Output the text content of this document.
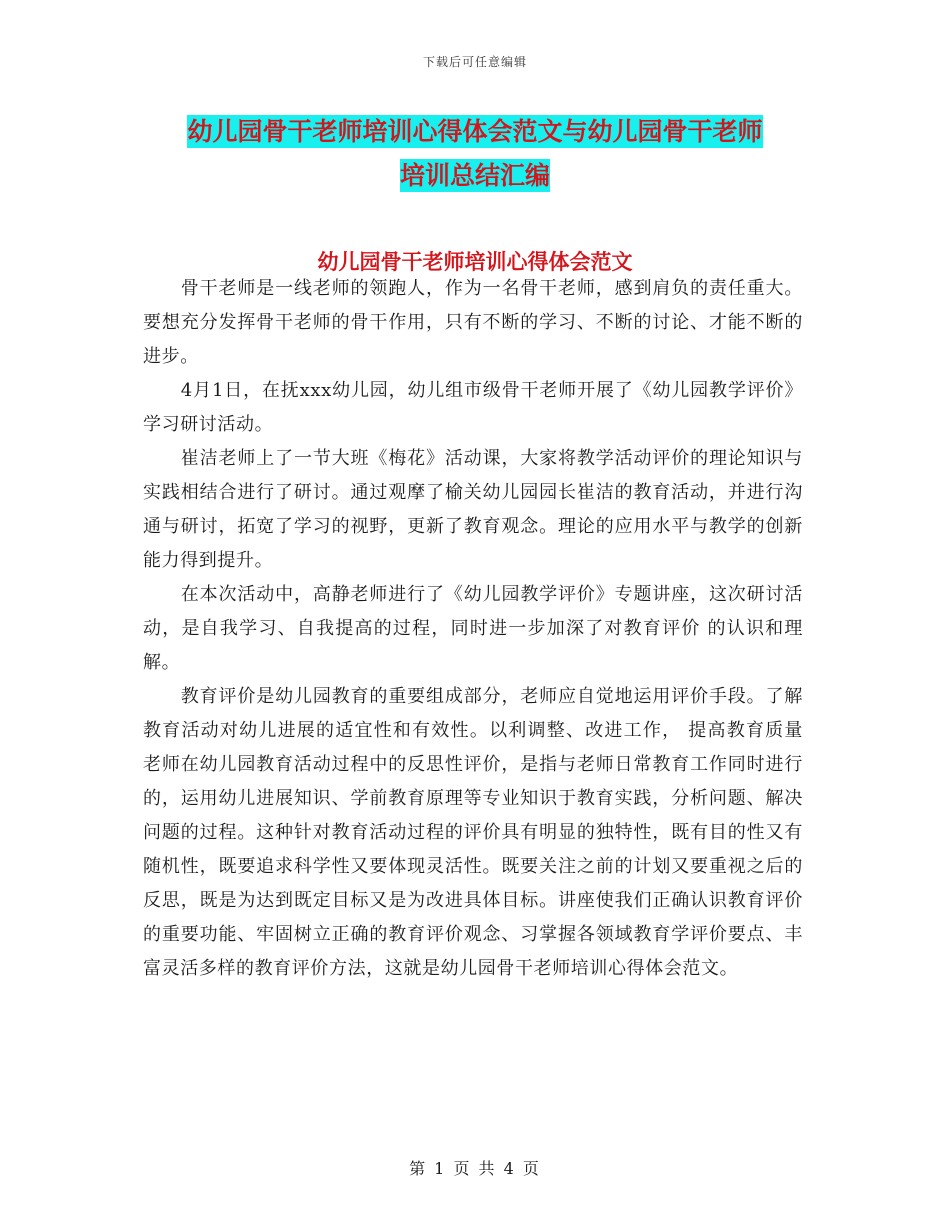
下载后可任意编辑
幼儿园骨干老师培训心得体会范文与幼儿园骨干老师
培训总结汇编
幼儿园骨干老师培训心得体会范文

骨干老师是一线老师的领跑人，作为一名骨干老师，感到肩负的责任重大。要想充分发挥骨干老师的骨干作用，只有不断的学习、不断的讨论、才能不断的进步。

4月1日，在抚xxx幼儿园，幼儿组市级骨干老师开展了《幼儿园教学评价》学习研讨活动。

崔洁老师上了一节大班《梅花》活动课，大家将教学活动评价的理论知识与实践相结合进行了研讨。通过观摩了榆关幼儿园园长崔洁的教育活动，并进行沟通与研讨，拓宽了学习的视野，更新了教育观念。理论的应用水平与教学的创新能力得到提升。

在本次活动中，高静老师进行了《幼儿园教学评价》专题讲座，这次研讨活动，是自我学习、自我提高的过程，同时进一步加深了对教育评价 的认识和理解。

教育评价是幼儿园教育的重要组成部分，老师应自觉地运用评价手段。了解教育活动对幼儿进展的适宜性和有效性。以利调整、改进工作， 提高教育质量 老师在幼儿园教育活动过程中的反思性评价，是指与老师日常教育工作同时进行的，运用幼儿进展知识、学前教育原理等专业知识于教育实践，分析问题、解决问题的过程。这种针对教育活动过程的评价具有明显的独特性，既有目的性又有随机性，既要追求科学性又要体现灵活性。既要关注之前的计划又要重视之后的反思，既是为达到既定目标又是为改进具体目标。讲座使我们正确认识教育评价的重要功能、牢固树立正确的教育评价观念、习掌握各领域教育学评价要点、丰富灵活多样的教育评价方法，这就是幼儿园骨干老师培训心得体会范文。

第 1 页 共 4 页
